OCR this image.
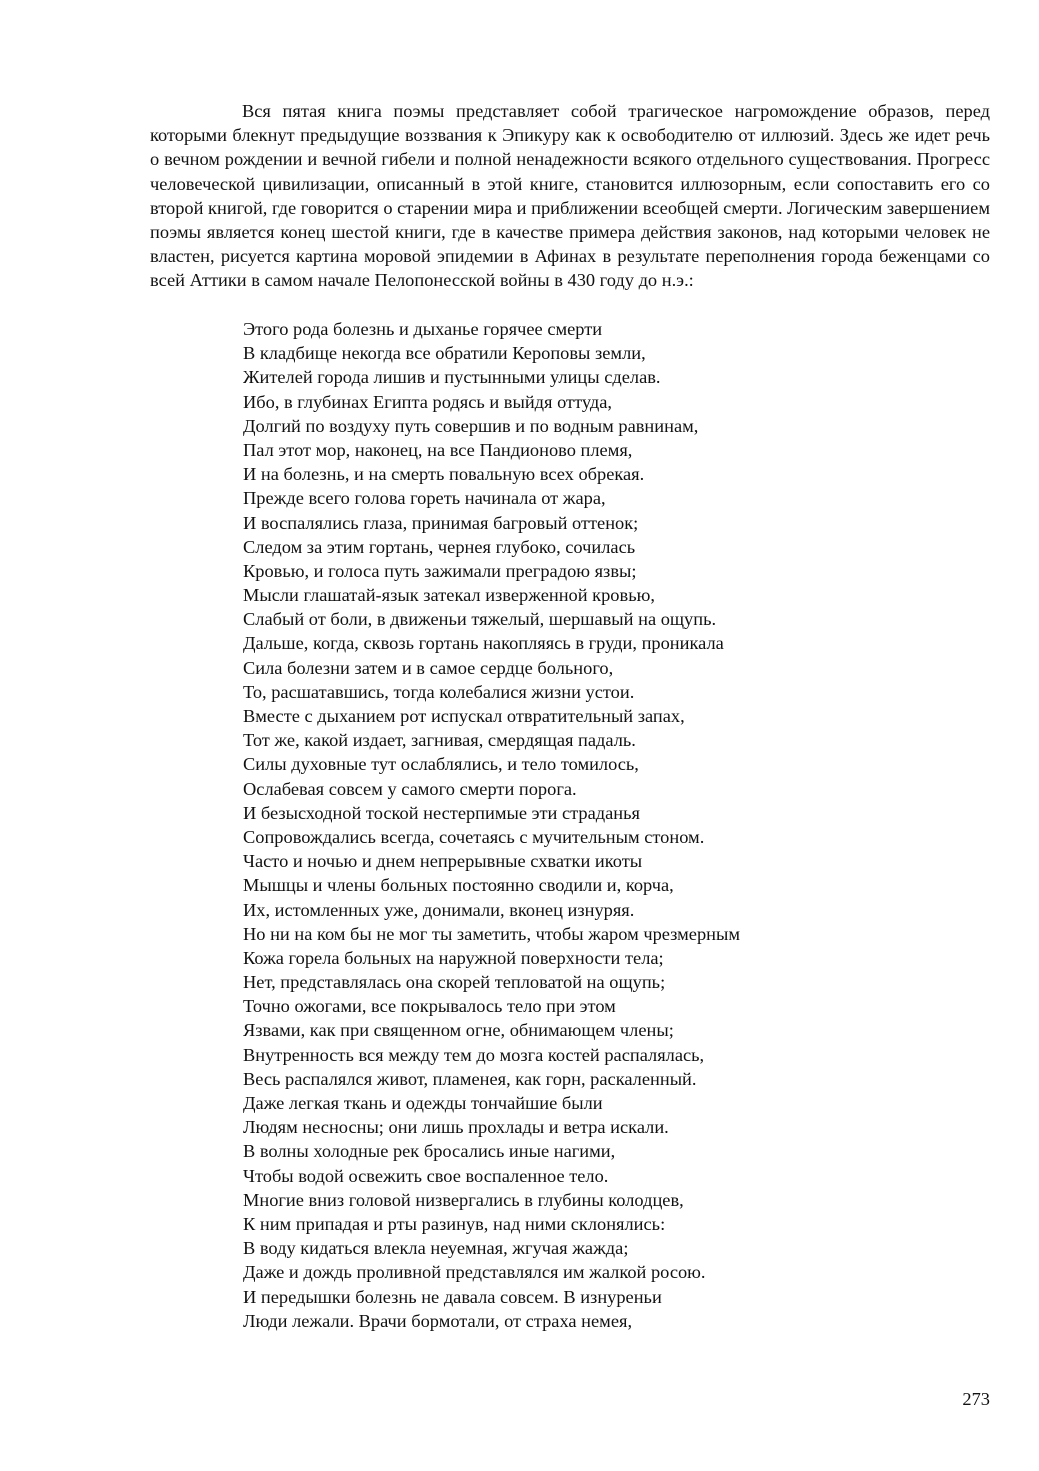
Вся пятая книга поэмы представляет собой трагическое нагромождение образов, перед которыми блекнут предыдущие воззвания к Эпикуру как к освободителю от иллюзий. Здесь же идет речь о вечном рождении и вечной гибели и полной ненадежности всякого отдельного существования. Прогресс человеческой цивилизации, описанный в этой книге, становится иллюзорным, если сопоставить его со второй книгой, где говорится о старении мира и приближении всеобщей смерти. Логическим завершением поэмы является конец шестой книги, где в качестве примера действия законов, над которыми человек не властен, рисуется картина моровой эпидемии в Афинах в результате переполнения города беженцами со всей Аттики в самом начале Пелопонесской войны в 430 году до н.э.:

Этого рода болезнь и дыханье горячее смерти
В кладбище некогда все обратили Кероповы земли,
Жителей города лишив и пустынными улицы сделав.
Ибо, в глубинах Египта родясь и выйдя оттуда,
Долгий по воздуху путь совершив и по водным равнинам,
Пал этот мор, наконец, на все Пандионово племя,
И на болезнь, и на смерть повальную всех обрекая.
Прежде всего голова гореть начинала от жара,
И воспалялись глаза, принимая багровый оттенок;
Следом за этим гортань, чернея глубоко, сочилась
Кровью, и голоса путь зажимали преградою язвы;
Мысли глашатай-язык затекал изверженной кровью,
Слабый от боли, в движеньи тяжелый, шершавый на ощупь.
Дальше, когда, сквозь гортань накопляясь в груди, проникала
Сила болезни затем и в самое сердце больного,
То, расшатавшись, тогда колебалися жизни устои.
Вместе с дыханием рот испускал отвратительный запах,
Тот же, какой издает, загнивая, смердящая падаль.
Силы духовные тут ослаблялись, и тело томилось,
Ослабевая совсем у самого смерти порога.
И безысходной тоской нестерпимые эти страданья
Сопровождались всегда, сочетаясь с мучительным стоном.
Часто и ночью и днем непрерывные схватки икоты
Мышцы и члены больных постоянно сводили и, корча,
Их, истомленных уже, донимали, вконец изнуряя.
Но ни на ком бы не мог ты заметить, чтобы жаром чрезмерным
Кожа горела больных на наружной поверхности тела;
Нет, представлялась она скорей тепловатой на ощупь;
Точно ожогами, все покрывалось тело при этом
Язвами, как при священном огне, обнимающем члены;
Внутренность вся между тем до мозга костей распалялась,
Весь распалялся живот, пламенея, как горн, раскаленный.
Даже легкая ткань и одежды тончайшие были
Людям несносны; они лишь прохлады и ветра искали.
В волны холодные рек бросались иные нагими,
Чтобы водой освежить свое воспаленное тело.
Многие вниз головой низвергались в глубины колодцев,
К ним припадая и рты разинув, над ними склонялись:
В воду кидаться влекла неуемная, жгучая жажда;
Даже и дождь проливной представлялся им жалкой росою.
И передышки болезнь не давала совсем. В изнуреньи
Люди лежали. Врачи бормотали, от страха немея,
273
